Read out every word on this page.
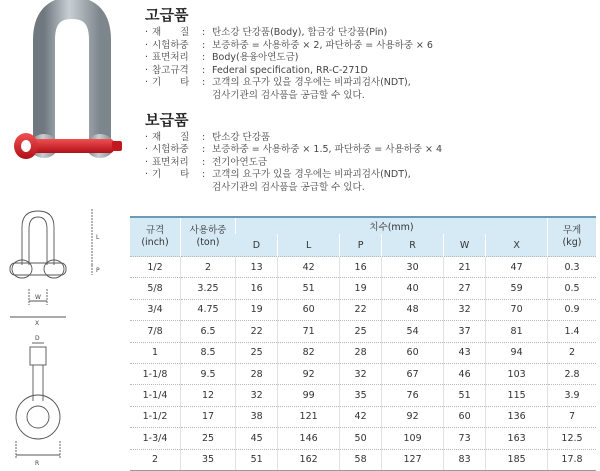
고급품
· 재　　질	: 탄소강 단강품(Body), 합금강 단강품(Pin)
· 시험하중	: 보증하중 = 사용하중 × 2, 파단하중 = 사용하중 × 6
· 표면처리	: Body(용융아연도금)
· 참고규격	: Federal specification, RR-C-271D
· 기　　타	: 고객의 요구가 있을 경우에는 비파괴검사(NDT),
검사기관의 검사품을 공급할 수 있다.
보급품
· 재　　질	: 탄소강 단강품
· 시험하중	: 보증하중 = 사용하중 × 1.5, 파단하중 = 사용하중 × 4
· 표면처리	: 전기아연도금
· 기　　타	: 고객의 요구가 있을 경우에는 비파괴검사(NDT),
검사기관의 검사품을 공급할 수 있다.
L
P
W
X
D
R
규격
(inch)	사용하중
(ton)	치수(mm)						무게
(kg)
		D	L	P	R	W	X	
1/2	2	13	42	16	30	21	47	0.3
5/8	3.25	16	51	19	40	27	59	0.5
3/4	4.75	19	60	22	48	32	70	0.9
7/8	6.5	22	71	25	54	37	81	1.4
1	8.5	25	82	28	60	43	94	2
1-1/8	9.5	28	92	32	67	46	103	2.8
1-1/4	12	32	99	35	76	51	115	3.9
1-1/2	17	38	121	42	92	60	136	7
1-3/4	25	45	146	50	109	73	163	12.5
2	35	51	162	58	127	83	185	17.8
